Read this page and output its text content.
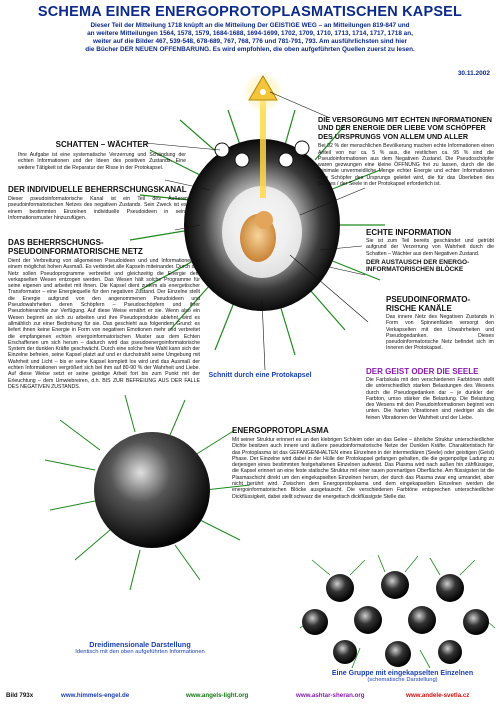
SCHEMA EINER ENERGOPROTOPLASMATISCHEN KAPSEL
Dieser Teil der Mitteilung 1718 knüpft an die Mitteilung Der GEISTIGE WEG – an Mitteilungen 819-847 und
an weitere Mitteilungen 1564, 1578, 1579, 1684-1688, 1694-1699, 1702, 1709, 1710, 1713, 1714, 1717, 1718 an,
weiter auf die Bilder 467, 539-548, 678-689, 767, 768, 776 und 781-791, 793. Am ausführlichsten sind hier
die Bücher DER NEUEN OFFENBARUNG. Es wird empfohlen, die oben aufgeführten Quellen zuerst zu lesen.
30.11.2002
SCHATTEN – WÄCHTER
Ihre Aufgabe ist eine systematische Verzerrung und Schändung der echten Informationen und der Ideen des positiven Zustands. Eine weitere Tätigkeit ist die Reparatur der Risse in der Protokapsel.
DER INDIVIDUELLE BEHERRSCHUNGSKANAL
Dieser pseudoinformatorische Kanal ist ein Teil des Äußeren pseudoinformatorischen Netzes des negativen Zustands. Sein Zweck ist es, einem bestimmten Einzelnen individuelle Pseudoideen in seine Informationsmuster hinzuzufügen.
DAS BEHERRSCHUNGS-
PSEUDOINFORMATORISCHE NETZ
Dient der Verbreitung von allgemeinen Pseudoideen und und Informationen in einem möglichst hohen Ausmaß. Es verbindet alle Kapseln miteinander. Durch das Netz sollen Pseudoprogramme verbreitet und gleichzeitig die Energie dem verkapselten Wesen entzogen werden. Das Wesen hält solche Programme für seine eigenen und arbeitet mit ihnen. Die Kapsel dient zudem als energetischer Transformator – eine Energiequelle für den negativen Zustand. Der Einzelne stellt die Energie aufgrund von den angenommenen Pseudoideen und Pseudowahrheiten deren Schöpfern – Pseudoschöpfern und ihrer Pseudohierarchie zur Verfügung. Auf diese Weise ernährt er sie. Wenn also ein Wesen beginnt an sich zu arbeiten und ihre Pseudoprodukte ablehnt, wird es allmählich zur einer Bedrohung für sie. Das geschieht aus folgendem Grund: es liefert ihnen keine Energie in Form von negativen Emotionen mehr und verbreitet die empfangenen echten energoinformatorischen Muster aus dem Echten Erschaffenen um sich herum – dadurch wird das pseudoenergoinformatorische System der dunklen Kräfte geschwächt. Durch eine solche freie Wahl kann sich der Einzelne befreien, seine Kapsel platzt auf und er durchstrahlt seine Umgebung mit Wahrheit und Licht – bis er seine Kapsel komplett los wird und das Ausmaß der echten Informationen vergrößert sich bei ihm auf 80-90 % der Wahrheit und Liebe. Auf diese Weise setzt er seine geistige Arbeit fort bis zum Punkt mit der Erleuchtung – dem Umwiebreiren, d.h. BIS ZUR BEFREIUNG AUS DER FALLE DES NEGATIVEN ZUSTANDS.
DIE VERSORGUNG MIT ECHTEN INFORMATIONEN UND DER ENERGIE DER LIEBE VOM SCHÖPFER DES URSPRUNGS VON ALLEM UND ALLER
Bei 92 % der menschlichen Bevölkerung machen echte Informationen einen Anteil von nur ca. 5 % aus, die restlichen ca. 95 % sind die Pseudoinformationen aus dem Negativen Zustand. Die Pseudoschöpfer waren gezwungen eine kleine ÖFFNUNG frei zu lassen, durch die die minimale unvermeidliche Menge echter Energie und echter Informationen vom Schöpfer des Ursprungs geleitet wird, die für das Überleben des Geistes / der Seele in der Protokapsel erforderlich ist.
ECHTE INFORMATION
Sie ist zum Teil bereits geschändet und getrübt aufgrund der Verzerrung von Wahrheit durch die Schatten – Wächter aus dem Negativen Zustand.
DER AUSTAUSCH DER ENERGO-INFORMATORISCHEN BLÖCKE
PSEUDOINFORMATO-
RISCHE KANÄLE
Das innere Netz des Negativen Zustands in Form von Spinnenfäden versorgt den Verkapselten mit den Unwahrheiten und Pseudogedanken. Dieses pseudoinformatorische Netz befindet sich im Inneren der Protokapsel.
DER GEIST ODER DIE SEELE
Die Farbskala mit den verschiedenen Farbtönen stellt die unterschiedlich starken Belastungen des Wesens durch die Pseudogedanken dar – je dunkler der Farbton, umso stärker die Belastung. Die Belastung des Wesens mit den Pseudoinformationen beginnt von unten. Die harten Vibrationen sind niedriger als die feinen Vibrationen der Wahrheit und der Liebe.
Schnitt durch eine Protokapsel
ENERGOPROTOPLASMA
Mit seiner Struktur erinnert es an den klebrigen Schleim oder an das Gelee – ähnliche Struktur unterschiedlicher Dichte besitzen auch innere und äußere pseudoinformatorische Netze der Dunklen Kräfte. Charakteristisch für das Protoplasma ist das GEFANGENHALTEN eines Einzelnen in der intermediären (Seele) oder geistigen (Geist) Phase. Der Einzelne wird dabei in der Hülle der Protokapsel gefangen gehalten, die die gegenpolige Ladung zu derjenigen eines bestimmten festgehaltenen Einzelnen aufweist. Das Plasma wird nach außen hin zähflüssiger, die Kapsel erinnert an eine feste statische Struktur mit einer rauen porenartigen Oberfläche. Am flüssigsten ist die Plasmaschicht direkt um den eingekapselten Einzelnen herum, der durch das Plasma zwar eng umrandet, aber nicht berührt wird. Zwischen dem Energoprotoplasma und dem eingekapselten Einzelnen werden die energoinformatorischen Blöcke ausgetauscht. Die verschiedenen Farbtöne entsprechen unterschiedlicher Dickflüssigkeit, dabei stellt schwarz die energetisch dickflüssigste Stelle dar.
Dreidimensionale Darstellung
Identisch mit den oben aufgeführten Informationen
Eine Gruppe mit eingekapselten Einzelnen
(schematische Darstellung)
Bild 793x	www.himmels-engel.de	www.angels-light.org	www.ashtar-sheran.org	www.andele-svetla.cz
